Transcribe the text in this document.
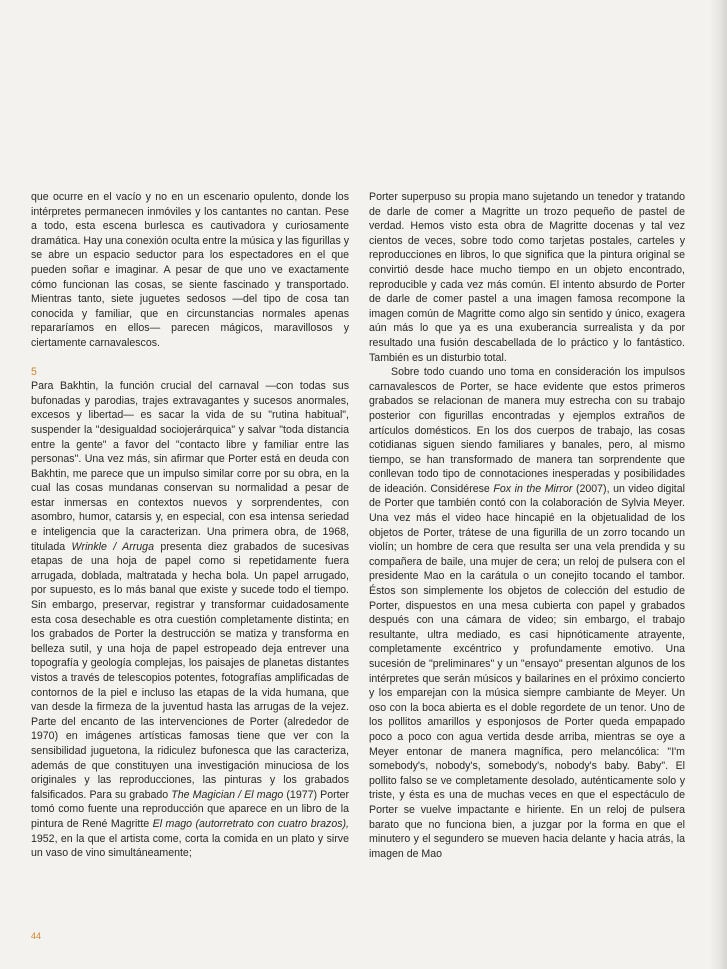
que ocurre en el vacío y no en un escenario opulento, donde los intérpretes permanecen inmóviles y los cantantes no cantan. Pese a todo, esta escena burlesca es cautivadora y curiosamente dramática. Hay una conexión oculta entre la música y las figurillas y se abre un espacio seductor para los espectadores en el que pueden soñar e imaginar. A pesar de que uno ve exactamente cómo funcionan las cosas, se siente fascinado y transportado. Mientras tanto, siete juguetes sedosos —del tipo de cosa tan conocida y familiar, que en circunstancias normales apenas repararíamos en ellos— parecen mágicos, maravillosos y ciertamente carnavalescos.

5

Para Bakhtin, la función crucial del carnaval —con todas sus bufonadas y parodias, trajes extravagantes y sucesos anormales, excesos y libertad— es sacar la vida de su "rutina habitual", suspender la "desigualdad sociojerárquica" y salvar "toda distancia entre la gente" a favor del "contacto libre y familiar entre las personas". Una vez más, sin afirmar que Porter está en deuda con Bakhtin, me parece que un impulso similar corre por su obra, en la cual las cosas mundanas conservan su normalidad a pesar de estar inmersas en contextos nuevos y sorprendentes, con asombro, humor, catarsis y, en especial, con esa intensa seriedad e inteligencia que la caracterizan. Una primera obra, de 1968, titulada Wrinkle / Arruga presenta diez grabados de sucesivas etapas de una hoja de papel como si repetidamente fuera arrugada, doblada, maltratada y hecha bola. Un papel arrugado, por supuesto, es lo más banal que existe y sucede todo el tiempo. Sin embargo, preservar, registrar y transformar cuidadosamente esta cosa desechable es otra cuestión completamente distinta; en los grabados de Porter la destrucción se matiza y transforma en belleza sutil, y una hoja de papel estropeado deja entrever una topografía y geología complejas, los paisajes de planetas distantes vistos a través de telescopios potentes, fotografías amplificadas de contornos de la piel e incluso las etapas de la vida humana, que van desde la firmeza de la juventud hasta las arrugas de la vejez. Parte del encanto de las intervenciones de Porter (alrededor de 1970) en imágenes artísticas famosas tiene que ver con la sensibilidad juguetona, la ridiculez bufonesca que las caracteriza, además de que constituyen una investigación minuciosa de los originales y las reproducciones, las pinturas y los grabados falsificados. Para su grabado The Magician / El mago (1977) Porter tomó como fuente una reproducción que aparece en un libro de la pintura de René Magritte El mago (autorretrato con cuatro brazos), 1952, en la que el artista come, corta la comida en un plato y sirve un vaso de vino simultáneamente;

Porter superpuso su propia mano sujetando un tenedor y tratando de darle de comer a Magritte un trozo pequeño de pastel de verdad. Hemos visto esta obra de Magritte docenas y tal vez cientos de veces, sobre todo como tarjetas postales, carteles y reproducciones en libros, lo que significa que la pintura original se convirtió desde hace mucho tiempo en un objeto encontrado, reproducible y cada vez más común. El intento absurdo de Porter de darle de comer pastel a una imagen famosa recompone la imagen común de Magritte como algo sin sentido y único, exagera aún más lo que ya es una exuberancia surrealista y da por resultado una fusión descabellada de lo práctico y lo fantástico. También es un disturbio total.

Sobre todo cuando uno toma en consideración los impulsos carnavalescos de Porter, se hace evidente que estos primeros grabados se relacionan de manera muy estrecha con su trabajo posterior con figurillas encontradas y ejemplos extraños de artículos domésticos. En los dos cuerpos de trabajo, las cosas cotidianas siguen siendo familiares y banales, pero, al mismo tiempo, se han transformado de manera tan sorprendente que conllevan todo tipo de connotaciones inesperadas y posibilidades de ideación. Considérese Fox in the Mirror (2007), un video digital de Porter que también contó con la colaboración de Sylvia Meyer. Una vez más el video hace hincapié en la objetualidad de los objetos de Porter, trátese de una figurilla de un zorro tocando un violín; un hombre de cera que resulta ser una vela prendida y su compañera de baile, una mujer de cera; un reloj de pulsera con el presidente Mao en la carátula o un conejito tocando el tambor. Éstos son simplemente los objetos de colección del estudio de Porter, dispuestos en una mesa cubierta con papel y grabados después con una cámara de video; sin embargo, el trabajo resultante, ultra mediado, es casi hipnóticamente atrayente, completamente excéntrico y profundamente emotivo. Una sucesión de "preliminares" y un "ensayo" presentan algunos de los intérpretes que serán músicos y bailarines en el próximo concierto y los emparejan con la música siempre cambiante de Meyer. Un oso con la boca abierta es el doble regordete de un tenor. Uno de los pollitos amarillos y esponjosos de Porter queda empapado poco a poco con agua vertida desde arriba, mientras se oye a Meyer entonar de manera magnífica, pero melancólica: "I'm somebody's, nobody's, somebody's, nobody's baby. Baby". El pollito falso se ve completamente desolado, auténticamente solo y triste, y ésta es una de muchas veces en que el espectáculo de Porter se vuelve impactante e hiriente. En un reloj de pulsera barato que no funciona bien, a juzgar por la forma en que el minutero y el segundero se mueven hacia delante y hacia atrás, la imagen de Mao

44
